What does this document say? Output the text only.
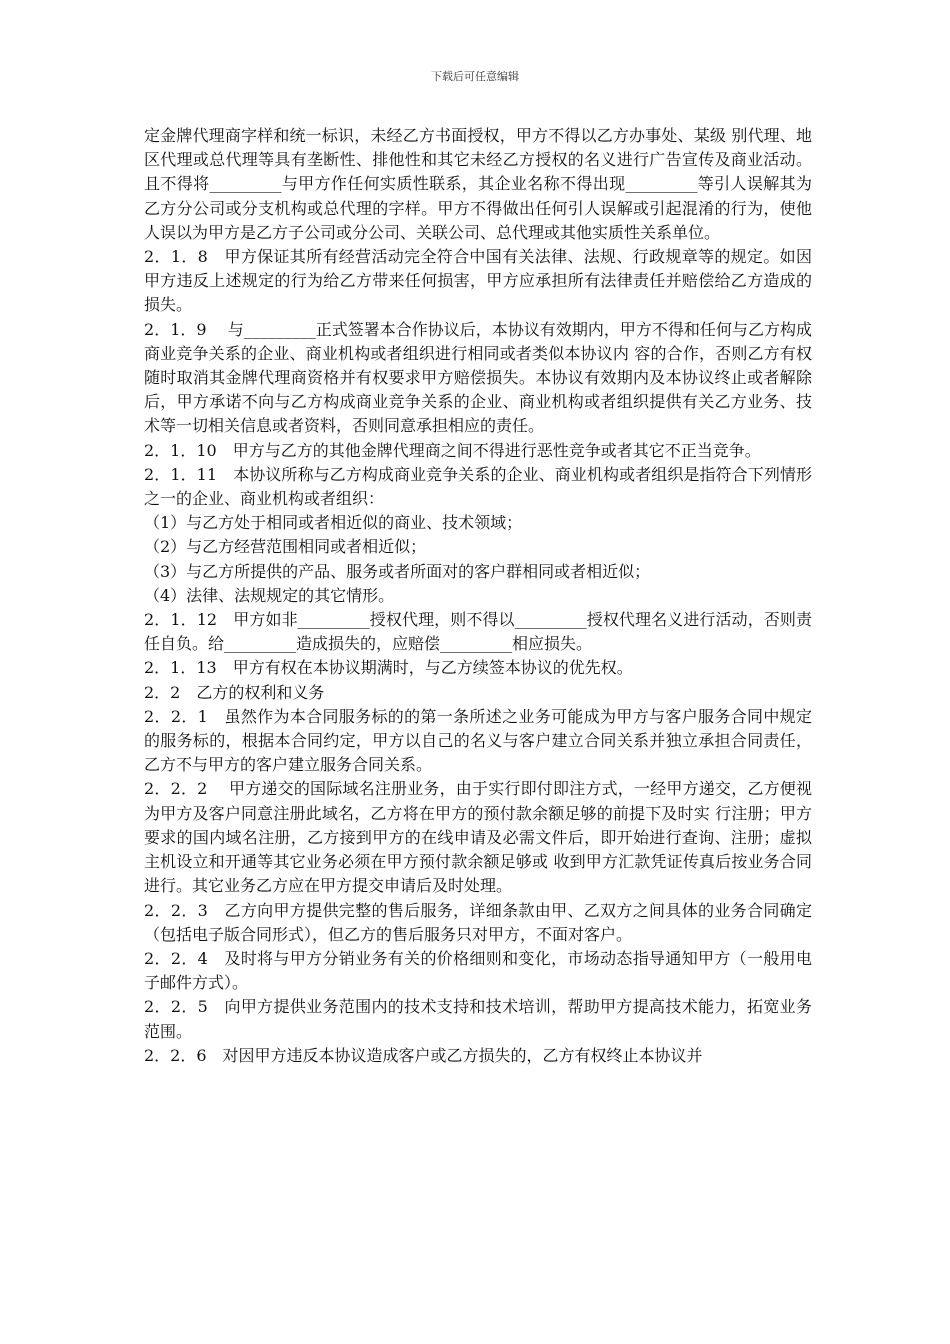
下载后可任意编辑

定金牌代理商字样和统一标识，未经乙方书面授权，甲方不得以乙方办事处、某级 别代理、地区代理或总代理等具有垄断性、排他性和其它未经乙方授权的名义进行广告宣传及商业活动。且不得将_________与甲方作任何实质性联系，其企业名称不得出现_________等引人误解其为乙方分公司或分支机构或总代理的字样。甲方不得做出任何引人误解或引起混淆的行为，使他人误以为甲方是乙方子公司或分公司、关联公司、总代理或其他实质性关系单位。

2．1．8　甲方保证其所有经营活动完全符合中国有关法律、法规、行政规章等的规定。如因甲方违反上述规定的行为给乙方带来任何损害，甲方应承担所有法律责任并赔偿给乙方造成的损失。

2．1．9　 与_________正式签署本合作协议后，本协议有效期内，甲方不得和任何与乙方构成商业竞争关系的企业、商业机构或者组织进行相同或者类似本协议内 容的合作，否则乙方有权随时取消其金牌代理商资格并有权要求甲方赔偿损失。本协议有效期内及本协议终止或者解除后，甲方承诺不向与乙方构成商业竞争关系的企业、商业机构或者组织提供有关乙方业务、技术等一切相关信息或者资料，否则同意承担相应的责任。

2．1．10　甲方与乙方的其他金牌代理商之间不得进行恶性竞争或者其它不正当竞争。

2．1．11　本协议所称与乙方构成商业竞争关系的企业、商业机构或者组织是指符合下列情形之一的企业、商业机构或者组织：

（1）与乙方处于相同或者相近似的商业、技术领域；

（2）与乙方经营范围相同或者相近似；

（3）与乙方所提供的产品、服务或者所面对的客户群相同或者相近似；

（4）法律、法规规定的其它情形。

2．1．12　甲方如非_________授权代理，则不得以_________授权代理名义进行活动，否则责任自负。给_________造成损失的，应赔偿_________相应损失。

2．1．13　甲方有权在本协议期满时，与乙方续签本协议的优先权。

2．2　乙方的权利和义务

2．2．1　虽然作为本合同服务标的的第一条所述之业务可能成为甲方与客户服务合同中规定的服务标的，根据本合同约定，甲方以自己的名义与客户建立合同关系并独立承担合同责任，乙方不与甲方的客户建立服务合同关系。

2．2．2　 甲方递交的国际域名注册业务，由于实行即付即注方式，一经甲方递交，乙方便视为甲方及客户同意注册此域名，乙方将在甲方的预付款余额足够的前提下及时实 行注册；甲方要求的国内域名注册，乙方接到甲方的在线申请及必需文件后，即开始进行查询、注册；虚拟主机设立和开通等其它业务必须在甲方预付款余额足够或 收到甲方汇款凭证传真后按业务合同进行。其它业务乙方应在甲方提交申请后及时处理。

2．2．3　乙方向甲方提供完整的售后服务，详细条款由甲、乙双方之间具体的业务合同确定（包括电子版合同形式），但乙方的售后服务只对甲方，不面对客户。

2．2．4　及时将与甲方分销业务有关的价格细则和变化，市场动态指导通知甲方（一般用电子邮件方式）。

2．2．5　向甲方提供业务范围内的技术支持和技术培训，帮助甲方提高技术能力，拓宽业务范围。

2．2．6　对因甲方违反本协议造成客户或乙方损失的，乙方有权终止本协议并
